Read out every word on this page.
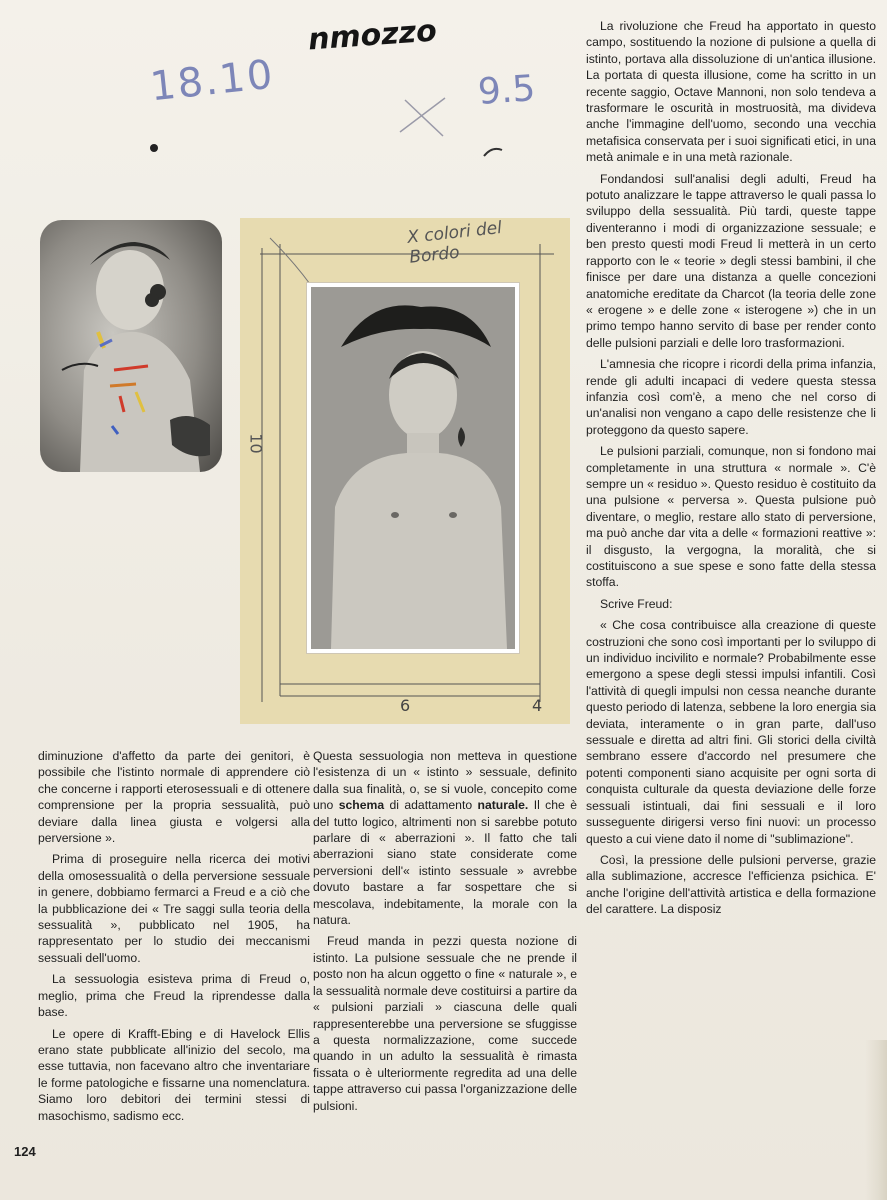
18.10
nmozzo
9.5
X colori del Bordo
10
6	4

La rivoluzione che Freud ha apportato in questo campo, sostituendo la nozione di pulsione a quella di istinto, portava alla dissoluzione di un'antica illusione. La portata di questa illusione, come ha scritto in un recente saggio, Octave Mannoni, non solo tendeva a trasformare le oscurità in mostruosità, ma divideva anche l'immagine dell'uomo, secondo una vecchia metafisica conservata per i suoi significati etici, in una metà animale e in una metà razionale.

Fondandosi sull'analisi degli adulti, Freud ha potuto analizzare le tappe attraverso le quali passa lo sviluppo della sessualità. Più tardi, queste tappe diventeranno i modi di organizzazione sessuale; e ben presto questi modi Freud li metterà in un certo rapporto con le « teorie » degli stessi bambini, il che finisce per dare una distanza a quelle concezioni anatomiche ereditate da Charcot (la teoria delle zone « erogene » e delle zone « isterogene ») che in un primo tempo hanno servito di base per render conto delle pulsioni parziali e delle loro trasformazioni.

L'amnesia che ricopre i ricordi della prima infanzia, rende gli adulti incapaci di vedere questa stessa infanzia così com'è, a meno che nel corso di un'analisi non vengano a capo delle resistenze che li proteggono da questo sapere.

Le pulsioni parziali, comunque, non si fondono mai completamente in una struttura « normale ». C'è sempre un « residuo ». Questo residuo è costituito da una pulsione « perversa ». Questa pulsione può diventare, o meglio, restare allo stato di perversione, ma può anche dar vita a delle « formazioni reattive »: il disgusto, la vergogna, la moralità, che si costituiscono a sue spese e sono fatte della stessa stoffa.

Scrive Freud:

« Che cosa contribuisce alla creazione di queste costruzioni che sono così importanti per lo sviluppo di un individuo incivilito e normale? Probabilmente esse emergono a spese degli stessi impulsi infantili. Così l'attività di quegli impulsi non cessa neanche durante questo periodo di latenza, sebbene la loro energia sia deviata, interamente o in gran parte, dall'uso sessuale e diretta ad altri fini. Gli storici della civiltà sembrano essere d'accordo nel presumere che potenti componenti siano acquisite per ogni sorta di conquista culturale da questa deviazione delle forze sessuali istintuali, dai fini sessuali e il loro susseguente dirigersi verso fini nuovi: un processo questo a cui viene dato il nome di "sublimazione".

Così, la pressione delle pulsioni perverse, grazie alla sublimazione, accresce l'efficienza psichica. E' anche l'origine dell'attività artistica e della formazione del carattere. La disposiz

diminuzione d'affetto da parte dei genitori, è possibile che l'istinto normale di apprendere ciò che concerne i rapporti eterosessuali e di ottenere comprensione per la propria sessualità, può deviare dalla linea giusta e volgersi alla perversione ».

Prima di proseguire nella ricerca dei motivi della omosessualità o della perversione sessuale in genere, dobbiamo fermarci a Freud e a ciò che la pubblicazione dei « Tre saggi sulla teoria della sessualità », pubblicato nel 1905, ha rappresentato per lo studio dei meccanismi sessuali dell'uomo.

La sessuologia esisteva prima di Freud o, meglio, prima che Freud la riprendesse dalla base.

Le opere di Krafft-Ebing e di Havelock Ellis erano state pubblicate all'inizio del secolo, ma esse tuttavia, non facevano altro che inventariare le forme patologiche e fissarne una nomenclatura. Siamo loro debitori dei termini stessi di masochismo, sadismo ecc.

Questa sessuologia non metteva in questione l'esistenza di un « istinto » sessuale, definito dalla sua finalità, o, se si vuole, concepito come uno schema di adattamento naturale. Il che è del tutto logico, altrimenti non si sarebbe potuto parlare di « aberrazioni ». Il fatto che tali aberrazioni siano state considerate come perversioni dell'« istinto sessuale » avrebbe dovuto bastare a far sospettare che si mescolava, indebitamente, la morale con la natura.

Freud manda in pezzi questa nozione di istinto. La pulsione sessuale che ne prende il posto non ha alcun oggetto o fine « naturale », e la sessualità normale deve costituirsi a partire da « pulsioni parziali » ciascuna delle quali rappresenterebbe una perversione se sfuggisse a questa normalizzazione, come succede quando in un adulto la sessualità è rimasta fissata o è ulteriormente regredita ad una delle tappe attraverso cui passa l'organizzazione delle pulsioni.

124
